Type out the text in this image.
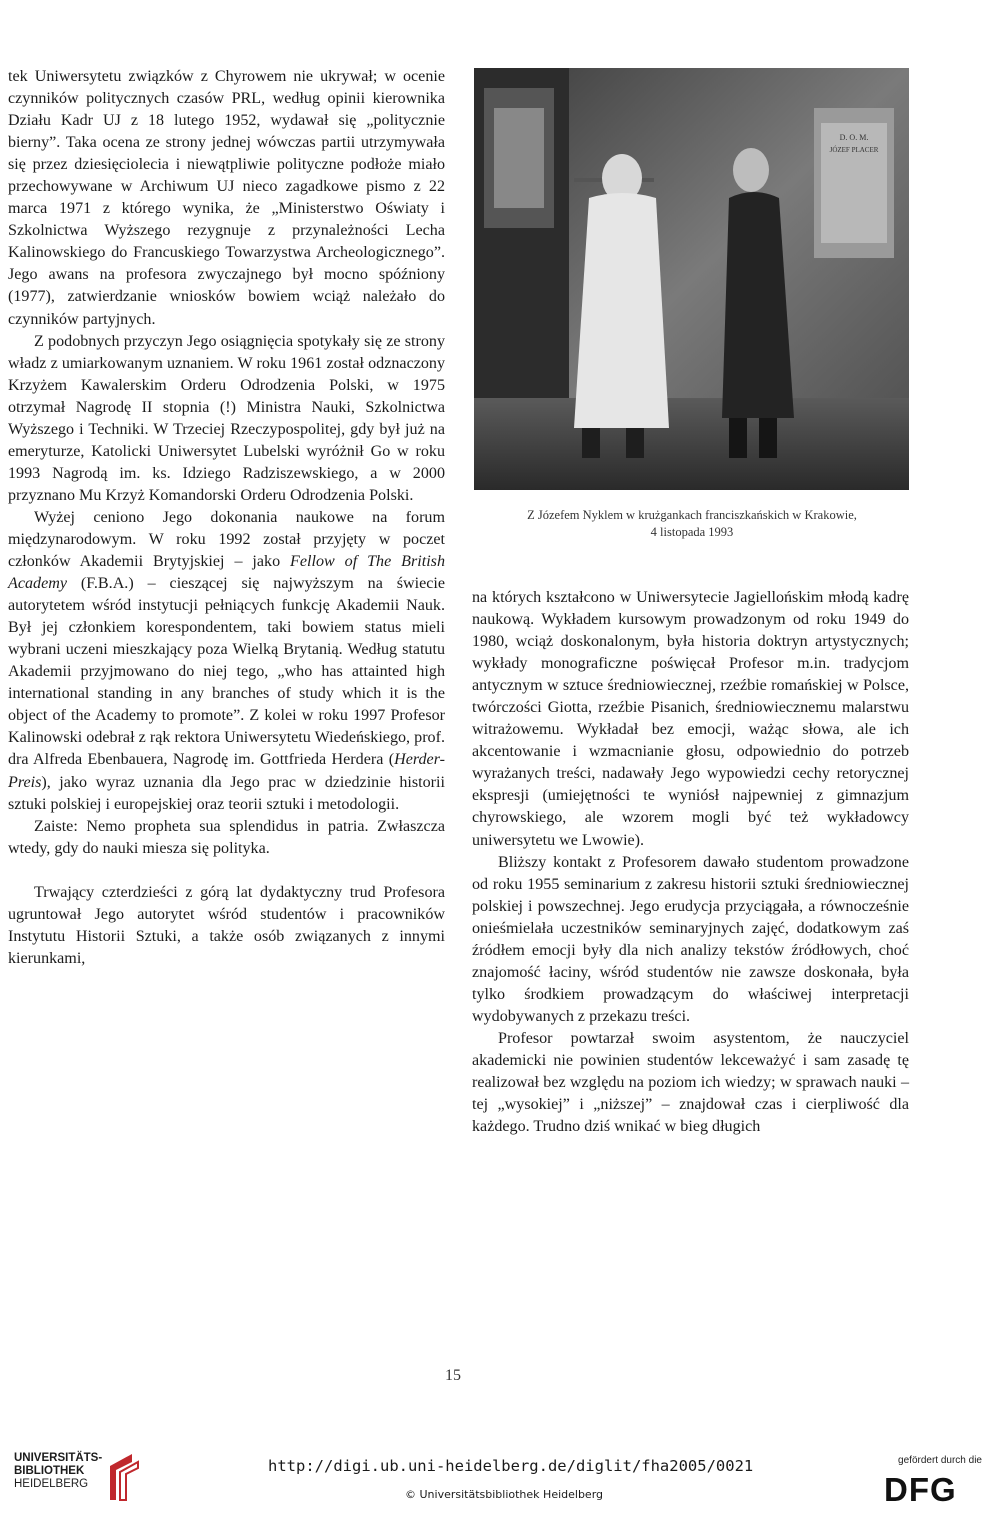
tek Uniwersytetu związków z Chyrowem nie ukrywał; w ocenie czynników politycznych czasów PRL, według opinii kierownika Działu Kadr UJ z 18 lutego 1952, wydawał się „politycznie bierny”. Taka ocena ze strony jednej wówczas partii utrzymywała się przez dziesięciolecia i niewątpliwie polityczne podłoże miało przechowywane w Archiwum UJ nieco zagadkowe pismo z 22 marca 1971 z którego wynika, że „Ministerstwo Oświaty i Szkolnictwa Wyższego rezygnuje z przynależności Lecha Kalinowskiego do Francuskiego Towarzystwa Archeologicznego”. Jego awans na profesora zwyczajnego był mocno spóźniony (1977), zatwierdzanie wniosków bowiem wciąż należało do czynników partyjnych.

Z podobnych przyczyn Jego osiągnięcia spotykały się ze strony władz z umiarkowanym uznaniem. W roku 1961 został odznaczony Krzyżem Kawalerskim Orderu Odrodzenia Polski, w 1975 otrzymał Nagrodę II stopnia (!) Ministra Nauki, Szkolnictwa Wyższego i Techniki. W Trzeciej Rzeczypospolitej, gdy był już na emeryturze, Katolicki Uniwersytet Lubelski wyróżnił Go w roku 1993 Nagrodą im. ks. Idziego Radziszewskiego, a w 2000 przyznano Mu Krzyż Komandorski Orderu Odrodzenia Polski.

Wyżej ceniono Jego dokonania naukowe na forum międzynarodowym. W roku 1992 został przyjęty w poczet członków Akademii Brytyjskiej – jako Fellow of The British Academy (F.B.A.) – cieszącej się najwyższym na świecie autorytetem wśród instytucji pełniących funkcję Akademii Nauk. Był jej członkiem korespondentem, taki bowiem status mieli wybrani uczeni mieszkający poza Wielką Brytanią. Według statutu Akademii przyjmowano do niej tego, „who has attainted high international standing in any branches of study which it is the object of the Academy to promote”. Z kolei w roku 1997 Profesor Kalinowski odebrał z rąk rektora Uniwersytetu Wiedeńskiego, prof. dra Alfreda Ebenbauera, Nagrodę im. Gottfrieda Herdera (Herder-Preis), jako wyraz uznania dla Jego prac w dziedzinie historii sztuki polskiej i europejskiej oraz teorii sztuki i metodologii.

Zaiste: Nemo propheta sua splendidus in patria. Zwłaszcza wtedy, gdy do nauki miesza się polityka.

Trwający czterdzieści z górą lat dydaktyczny trud Profesora ugruntował Jego autorytet wśród studentów i pracowników Instytutu Historii Sztuki, a także osób związanych z innymi kierunkami,

D. O. M.
JÓZEF PLACER
Z Józefem Nyklem w krużgankach franciszkańskich w Krakowie,
4 listopada 1993

na których kształcono w Uniwersytecie Jagiellońskim młodą kadrę naukową. Wykładem kursowym prowadzonym od roku 1949 do 1980, wciąż doskonalonym, była historia doktryn artystycznych; wykłady monograficzne poświęcał Profesor m.in. tradycjom antycznym w sztuce średniowiecznej, rzeźbie romańskiej w Polsce, twórczości Giotta, rzeźbie Pisanich, średniowiecznemu malarstwu witrażowemu. Wykładał bez emocji, ważąc słowa, ale ich akcentowanie i wzmacnianie głosu, odpowiednio do potrzeb wyrażanych treści, nadawały Jego wypowiedzi cechy retorycznej ekspresji (umiejętności te wyniósł najpewniej z gimnazjum chyrowskiego, ale wzorem mogli być też wykładowcy uniwersytetu we Lwowie).

Bliższy kontakt z Profesorem dawało studentom prowadzone od roku 1955 seminarium z zakresu historii sztuki średniowiecznej polskiej i powszechnej. Jego erudycja przyciągała, a równocześnie onieśmielała uczestników seminaryjnych zajęć, dodatkowym zaś źródłem emocji były dla nich analizy tekstów źródłowych, choć znajomość łaciny, wśród studentów nie zawsze doskonała, była tylko środkiem prowadzącym do właściwej interpretacji wydobywanych z przekazu treści.

Profesor powtarzał swoim asystentom, że nauczyciel akademicki nie powinien studentów lekceważyć i sam zasadę tę realizował bez względu na poziom ich wiedzy; w sprawach nauki – tej „wysokiej” i „niższej” – znajdował czas i cierpliwość dla każdego. Trudno dziś wnikać w bieg długich

15
UNIVERSITÄTS-
BIBLIOTHEK
HEIDELBERG
http://digi.ub.uni-heidelberg.de/diglit/fha2005/0021
© Universitätsbibliothek Heidelberg
gefördert durch die
DFG
